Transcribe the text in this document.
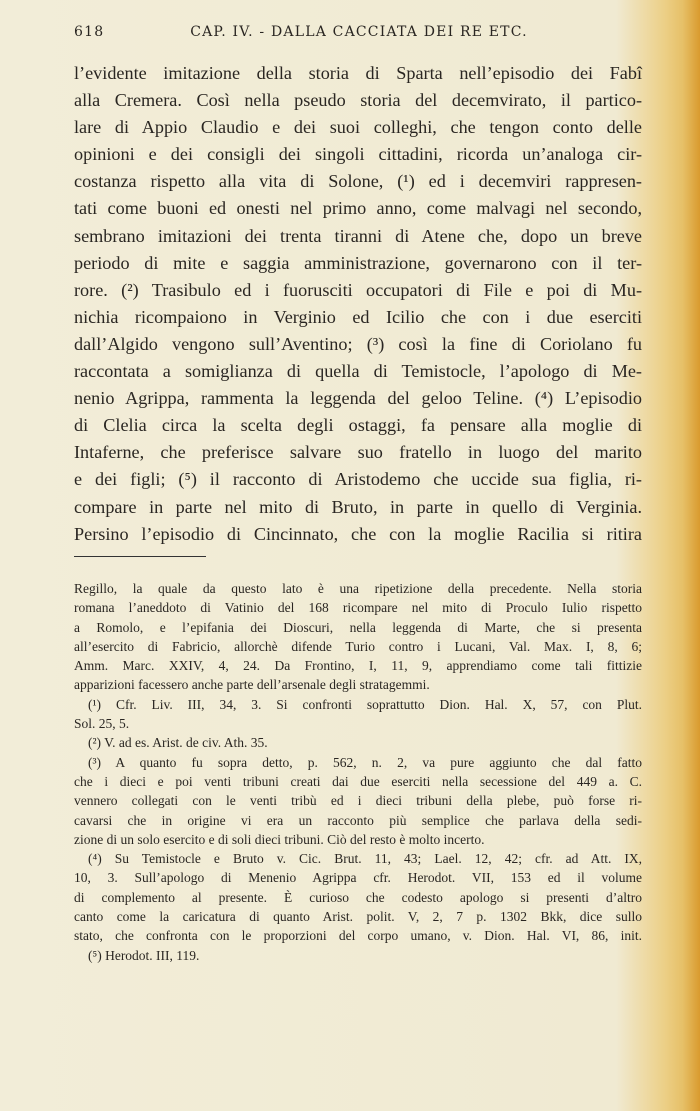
618	CAP. IV. - DALLA CACCIATA DEI RE ETC.
l’evidente imitazione della storia di Sparta nell’episodio dei Fabî
alla Cremera. Così nella pseudo storia del decemvirato, il partico-
lare di Appio Claudio e dei suoi colleghi, che tengon conto delle
opinioni e dei consigli dei singoli cittadini, ricorda un’analoga cir-
costanza rispetto alla vita di Solone, (¹) ed i decemviri rappresen-
tati come buoni ed onesti nel primo anno, come malvagi nel secondo,
sembrano imitazioni dei trenta tiranni di Atene che, dopo un breve
periodo di mite e saggia amministrazione, governarono con il ter-
rore. (²) Trasibulo ed i fuorusciti occupatori di File e poi di Mu-
nichia ricompaiono in Verginio ed Icilio che con i due eserciti
dall’Algido vengono sull’Aventino; (³) così la fine di Coriolano fu
raccontata a somiglianza di quella di Temistocle, l’apologo di Me-
nenio Agrippa, rammenta la leggenda del geloo Teline. (⁴) L’episodio
di Clelia circa la scelta degli ostaggi, fa pensare alla moglie di
Intaferne, che preferisce salvare suo fratello in luogo del marito
e dei figli; (⁵) il racconto di Aristodemo che uccide sua figlia, ri-
compare in parte nel mito di Bruto, in parte in quello di Verginia.
Persino l’episodio di Cincinnato, che con la moglie Racilia si ritira
Regillo, la quale da questo lato è una ripetizione della precedente. Nella storia
romana l’aneddoto di Vatinio del 168 ricompare nel mito di Proculo Iulio rispetto
a Romolo, e l’epifania dei Dioscuri, nella leggenda di Marte, che si presenta
all’esercito di Fabricio, allorchè difende Turio contro i Lucani, Val. Max. I, 8, 6;
Amm. Marc. XXIV, 4, 24. Da Frontino, I, 11, 9, apprendiamo come tali fittizie
apparizioni facessero anche parte dell’arsenale degli stratagemmi.
(¹) Cfr. Liv. III, 34, 3. Si confronti soprattutto Dion. Hal. X, 57, con Plut.
Sol. 25, 5.
(²) V. ad es. Arist. de civ. Ath. 35.
(³) A quanto fu sopra detto, p. 562, n. 2, va pure aggiunto che dal fatto
che i dieci e poi venti tribuni creati dai due eserciti nella secessione del 449 a. C.
vennero collegati con le venti tribù ed i dieci tribuni della plebe, può forse ri-
cavarsi che in origine vi era un racconto più semplice che parlava della sedi-
zione di un solo esercito e di soli dieci tribuni. Ciò del resto è molto incerto.
(⁴) Su Temistocle e Bruto v. Cic. Brut. 11, 43; Lael. 12, 42; cfr. ad Att. IX,
10, 3. Sull’apologo di Menenio Agrippa cfr. Herodot. VII, 153 ed il volume
di complemento al presente. È curioso che codesto apologo si presenti d’altro
canto come la caricatura di quanto Arist. polit. V, 2, 7 p. 1302 Bkk, dice sullo
stato, che confronta con le proporzioni del corpo umano, v. Dion. Hal. VI, 86, init.
(⁵) Herodot. III, 119.
